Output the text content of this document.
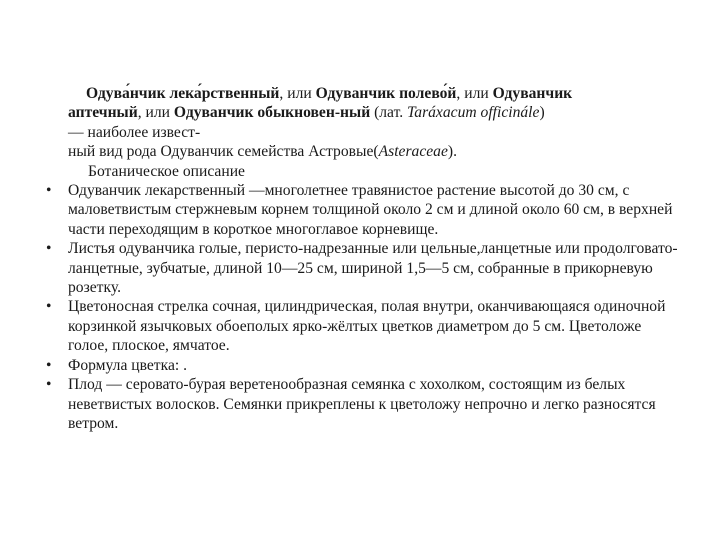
Одува́нчик лека́рственный, или Одуванчик полево́й, или Одуванчик
аптечный, или Одуванчик обыкновен-ный (лат. Taráxacum officinále)
— наиболее извест-
ный вид рода Одуванчик семейства Астровые(Asteraceae).
Ботаническое описание
•	Одуванчик лекарственный —многолетнее травянистое растение высотой до 30 см, с маловетвистым стержневым корнем толщиной около 2 см и длиной около 60 см, в верхней части переходящим в короткое многоглавое корневище.
•	Листья одуванчика голые, перисто-надрезанные или цельные,ланцетные или продолговато-ланцетные, зубчатые, длиной 10—25 см, шириной 1,5—5 см, собранные в прикорневую розетку.
•	Цветоносная стрелка сочная, цилиндрическая, полая внутри, оканчивающаяся одиночной корзинкой язычковых обоеполых ярко-жёлтых цветков диаметром до 5 см. Цветоложе голое, плоское, ямчатое.
•	Формула цветка: .
•	Плод — серовато-бурая веретенообразная семянка с хохолком, состоящим из белых неветвистых волосков. Семянки прикреплены к цветоложу непрочно и легко разносятся ветром.
